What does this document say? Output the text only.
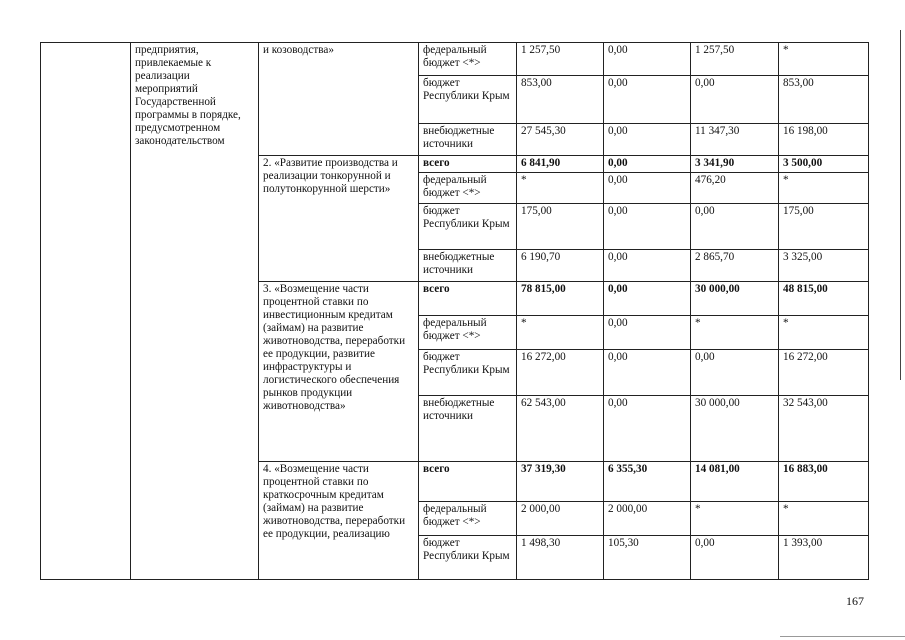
	предприятия, привлекаемые к реализации мероприятий Государственной программы в порядке, предусмотренном законодательством	и козоводства»	федеральный бюджет <*>	1 257,50	0,00	1 257,50	*
			бюджет Республики Крым	853,00	0,00	0,00	853,00
			внебюджетные источники	27 545,30	0,00	11 347,30	16 198,00
		2. «Развитие производства и реализации тонкорунной и полутонкорунной шерсти»	всего	6 841,90	0,00	3 341,90	3 500,00
			федеральный бюджет <*>	*	0,00	476,20	*
			бюджет Республики Крым	175,00	0,00	0,00	175,00
			внебюджетные источники	6 190,70	0,00	2 865,70	3 325,00
		3. «Возмещение части процентной ставки по инвестиционным кредитам (займам) на развитие животноводства, переработки ее продукции, развитие инфраструктуры и логистического обеспечения рынков продукции животноводства»	всего	78 815,00	0,00	30 000,00	48 815,00
			федеральный бюджет <*>	*	0,00	*	*
			бюджет Республики Крым	16 272,00	0,00	0,00	16 272,00
			внебюджетные источники	62 543,00	0,00	30 000,00	32 543,00
		4. «Возмещение части процентной ставки по краткосрочным кредитам (займам) на развитие животноводства, переработки ее продукции, реализацию	всего	37 319,30	6 355,30	14 081,00	16 883,00
			федеральный бюджет <*>	2 000,00	2 000,00	*	*
			бюджет Республики Крым	1 498,30	105,30	0,00	1 393,00
167
